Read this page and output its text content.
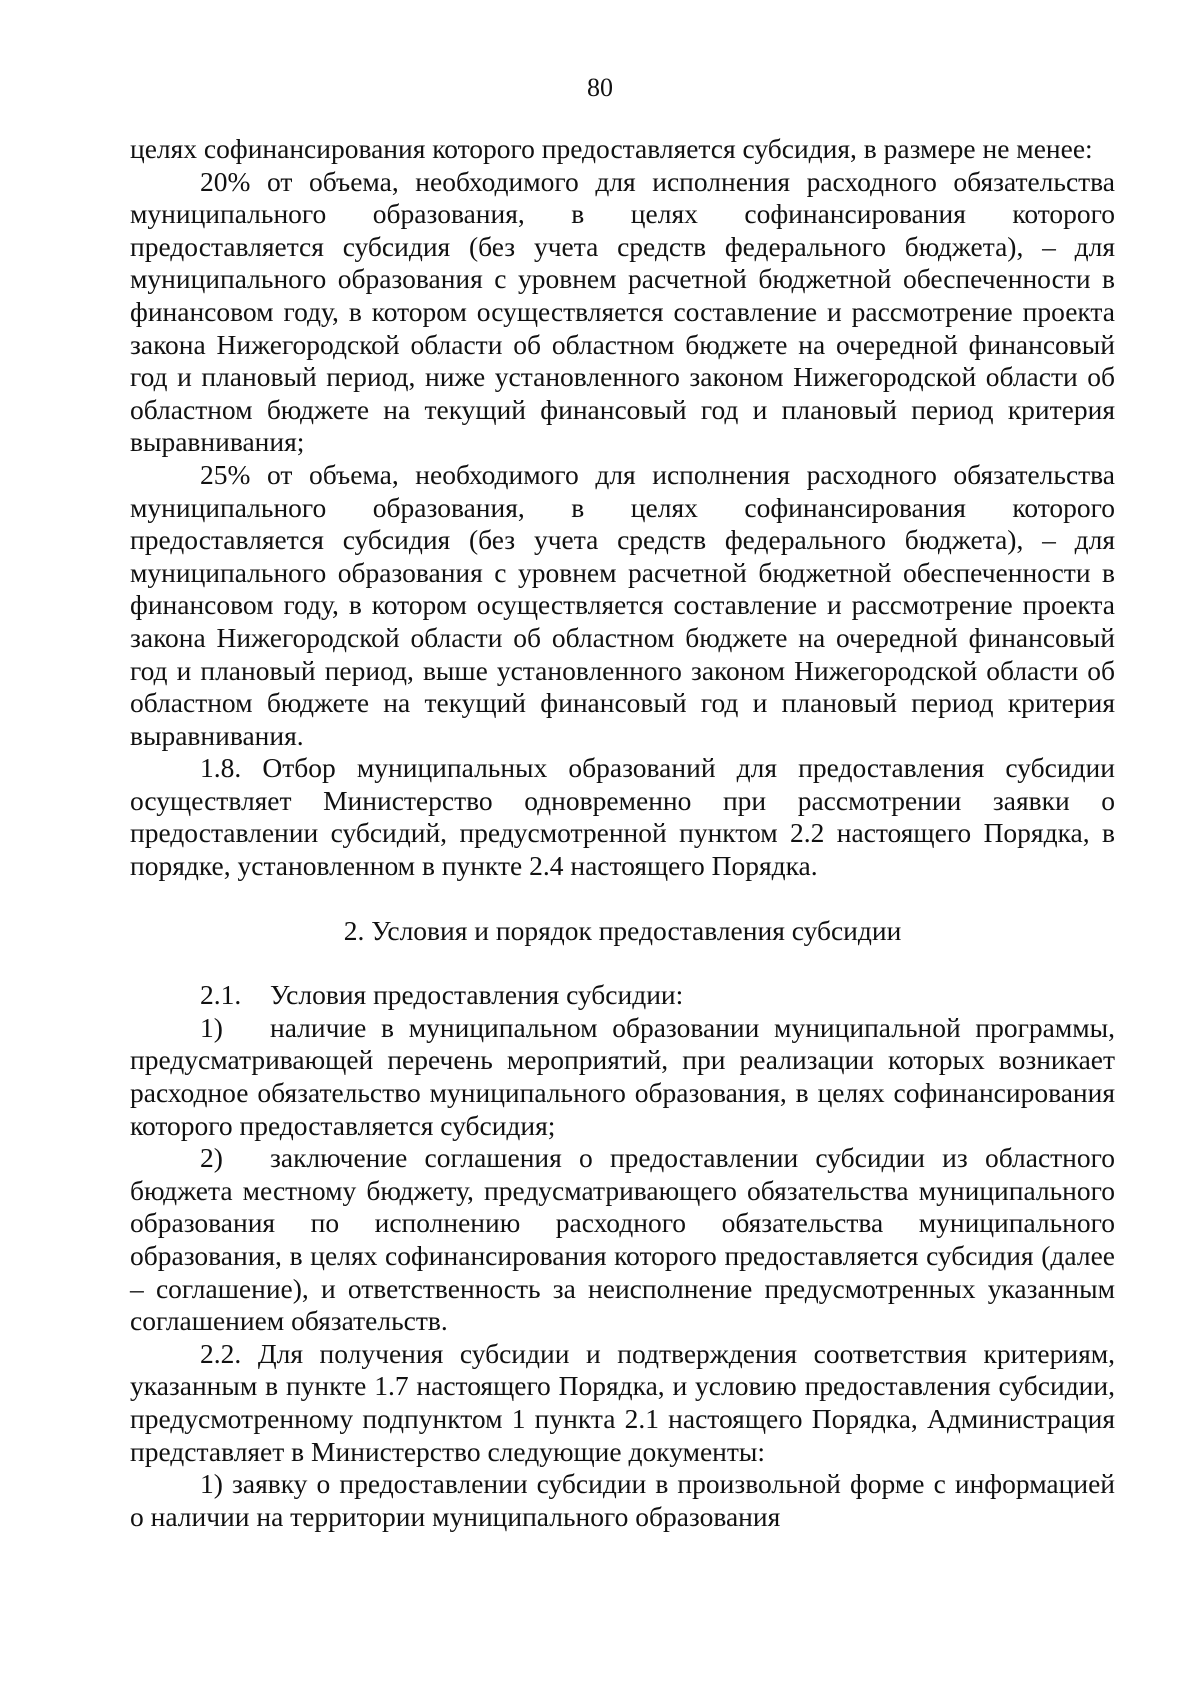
80

целях софинансирования которого предоставляется субсидия, в размере не менее:

20% от объема, необходимого для исполнения расходного обязательства муниципального образования, в целях софинансирования которого предоставляется субсидия (без учета средств федерального бюджета), – для муниципального образования с уровнем расчетной бюджетной обеспеченности в финансовом году, в котором осуществляется составление и рассмотрение проекта закона Нижегородской области об областном бюджете на очередной финансовый год и плановый период, ниже установленного законом Нижегородской области об областном бюджете на текущий финансовый год и плановый период критерия выравнивания;

25% от объема, необходимого для исполнения расходного обязательства муниципального образования, в целях софинансирования которого предоставляется субсидия (без учета средств федерального бюджета), – для муниципального образования с уровнем расчетной бюджетной обеспеченности в финансовом году, в котором осуществляется составление и рассмотрение проекта закона Нижегородской области об областном бюджете на очередной финансовый год и плановый период, выше установленного законом Нижегородской области об областном бюджете на текущий финансовый год и плановый период критерия выравнивания.

1.8. Отбор муниципальных образований для предоставления субсидии осуществляет Министерство одновременно при рассмотрении заявки о предоставлении субсидий, предусмотренной пунктом 2.2 настоящего Порядка, в порядке, установленном в пункте 2.4 настоящего Порядка.

2. Условия и порядок предоставления субсидии

2.1. Условия предоставления субсидии:

1) наличие в муниципальном образовании муниципальной программы, предусматривающей перечень мероприятий, при реализации которых возникает расходное обязательство муниципального образования, в целях софинансирования которого предоставляется субсидия;

2) заключение соглашения о предоставлении субсидии из областного бюджета местному бюджету, предусматривающего обязательства муниципального образования по исполнению расходного обязательства муниципального образования, в целях софинансирования которого предоставляется субсидия (далее – соглашение), и ответственность за неисполнение предусмотренных указанным соглашением обязательств.

2.2. Для получения субсидии и подтверждения соответствия критериям, указанным в пункте 1.7 настоящего Порядка, и условию предоставления субсидии, предусмотренному подпунктом 1 пункта 2.1 настоящего Порядка, Администрация представляет в Министерство следующие документы:

1) заявку о предоставлении субсидии в произвольной форме с информацией о наличии на территории муниципального образования
